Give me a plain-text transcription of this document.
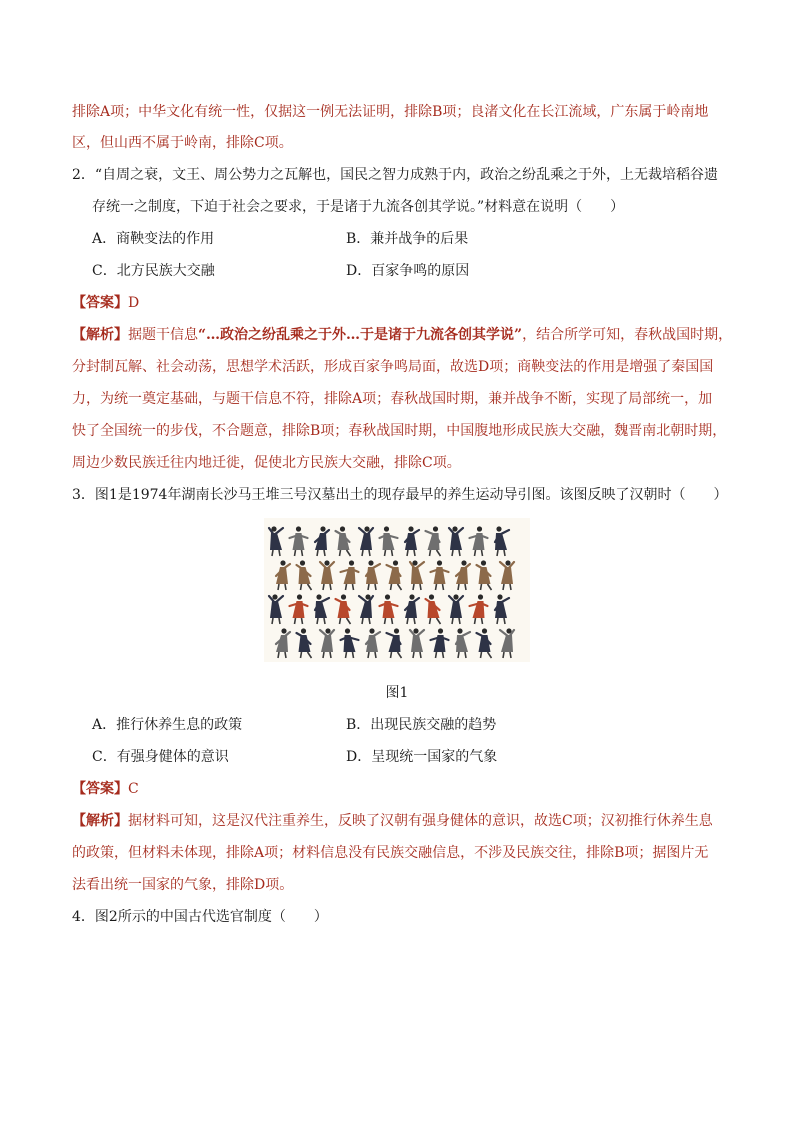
排除A项；中华文化有统一性，仅据这一例无法证明，排除B项；良渚文化在长江流域，广东属于岭南地
区，但山西不属于岭南，排除C项。
2．“自周之衰，文王、周公势力之瓦解也，国民之智力成熟于内，政治之纷乱乘之于外，上无裁培稻谷遗
存统一之制度，下迫于社会之要求，于是诸于九流各创其学说。”材料意在说明（　　）
A．商鞅变法的作用	B．兼并战争的后果
C．北方民族大交融	D．百家争鸣的原因
【答案】D
【解析】据题干信息“…政治之纷乱乘之于外…于是诸于九流各创其学说”，结合所学可知，春秋战国时期，
分封制瓦解、社会动荡，思想学术活跃，形成百家争鸣局面，故选D项；商鞅变法的作用是增强了秦国国
力，为统一奠定基础，与题干信息不符，排除A项；春秋战国时期，兼并战争不断，实现了局部统一，加
快了全国统一的步伐，不合题意，排除B项；春秋战国时期，中国腹地形成民族大交融，魏晋南北朝时期，
周边少数民族迁往内地迁徙，促使北方民族大交融，排除C项。
3．图1是1974年湖南长沙马王堆三号汉墓出土的现存最早的养生运动导引图。该图反映了汉朝时（　　）
图1
A．推行休养生息的政策	B．出现民族交融的趋势
C．有强身健体的意识	D．呈现统一国家的气象
【答案】C
【解析】据材料可知，这是汉代注重养生，反映了汉朝有强身健体的意识，故选C项；汉初推行休养生息
的政策，但材料未体现，排除A项；材料信息没有民族交融信息，不涉及民族交往，排除B项；据图片无
法看出统一国家的气象，排除D项。
4．图2所示的中国古代选官制度（　　）
